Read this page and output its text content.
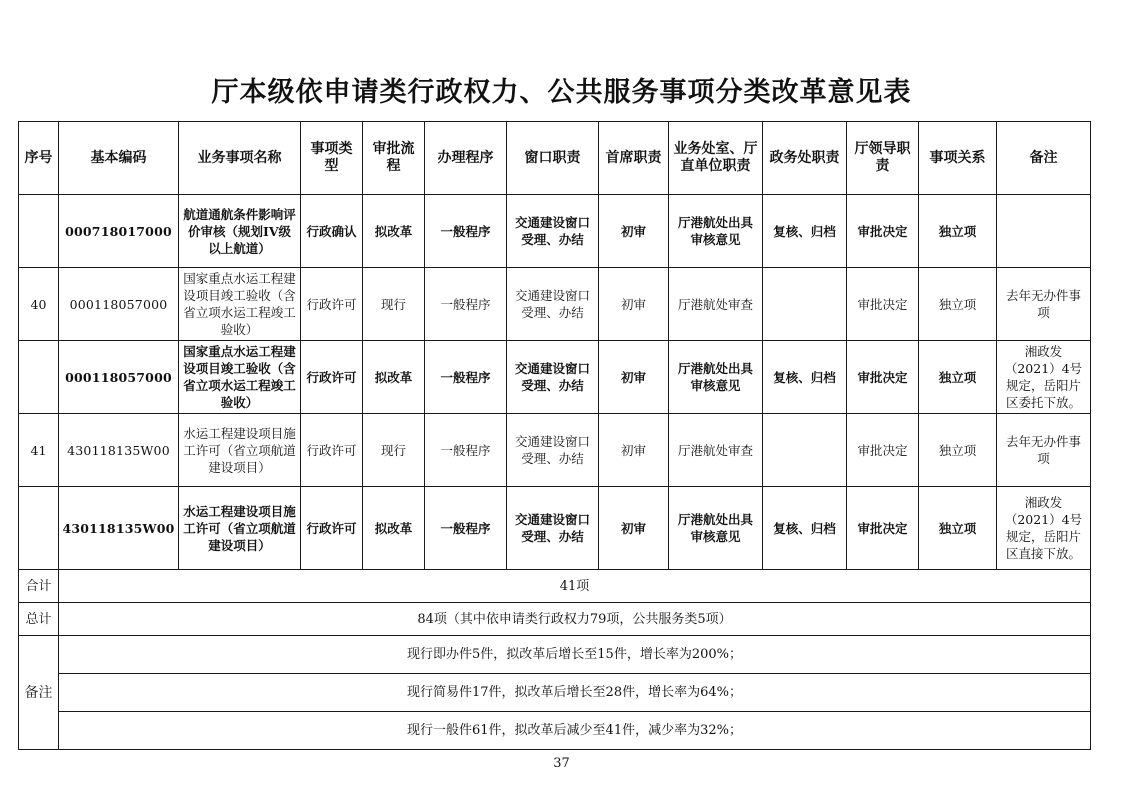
厅本级依申请类行政权力、公共服务事项分类改革意见表
序号	基本编码	业务事项名称	事项类型	审批流程	办理程序	窗口职责	首席职责	业务处室、厅直单位职责	政务处职责	厅领导职责	事项关系	备注
	000718017000	航道通航条件影响评价审核（规划IV级以上航道）	行政确认	拟改革	一般程序	交通建设窗口受理、办结	初审	厅港航处出具审核意见	复核、归档	审批决定	独立项	
40	000118057000	国家重点水运工程建设项目竣工验收（含省立项水运工程竣工验收）	行政许可	现行	一般程序	交通建设窗口受理、办结	初审	厅港航处审查		审批决定	独立项	去年无办件事项
	000118057000	国家重点水运工程建设项目竣工验收（含省立项水运工程竣工验收）	行政许可	拟改革	一般程序	交通建设窗口受理、办结	初审	厅港航处出具审核意见	复核、归档	审批决定	独立项	湘政发（2021）4号规定，岳阳片区委托下放。
41	430118135W00	水运工程建设项目施工许可（省立项航道建设项目）	行政许可	现行	一般程序	交通建设窗口受理、办结	初审	厅港航处审查		审批决定	独立项	去年无办件事项
	430118135W00	水运工程建设项目施工许可（省立项航道建设项目）	行政许可	拟改革	一般程序	交通建设窗口受理、办结	初审	厅港航处出具审核意见	复核、归档	审批决定	独立项	湘政发（2021）4号规定，岳阳片区直接下放。
合计	41项											
总计	84项（其中依申请类行政权力79项，公共服务类5项）											
备注	现行即办件5件，拟改革后增长至15件，增长率为200%；											
	现行简易件17件，拟改革后增长至28件，增长率为64%；											
	现行一般件61件，拟改革后减少至41件，减少率为32%；											
37
